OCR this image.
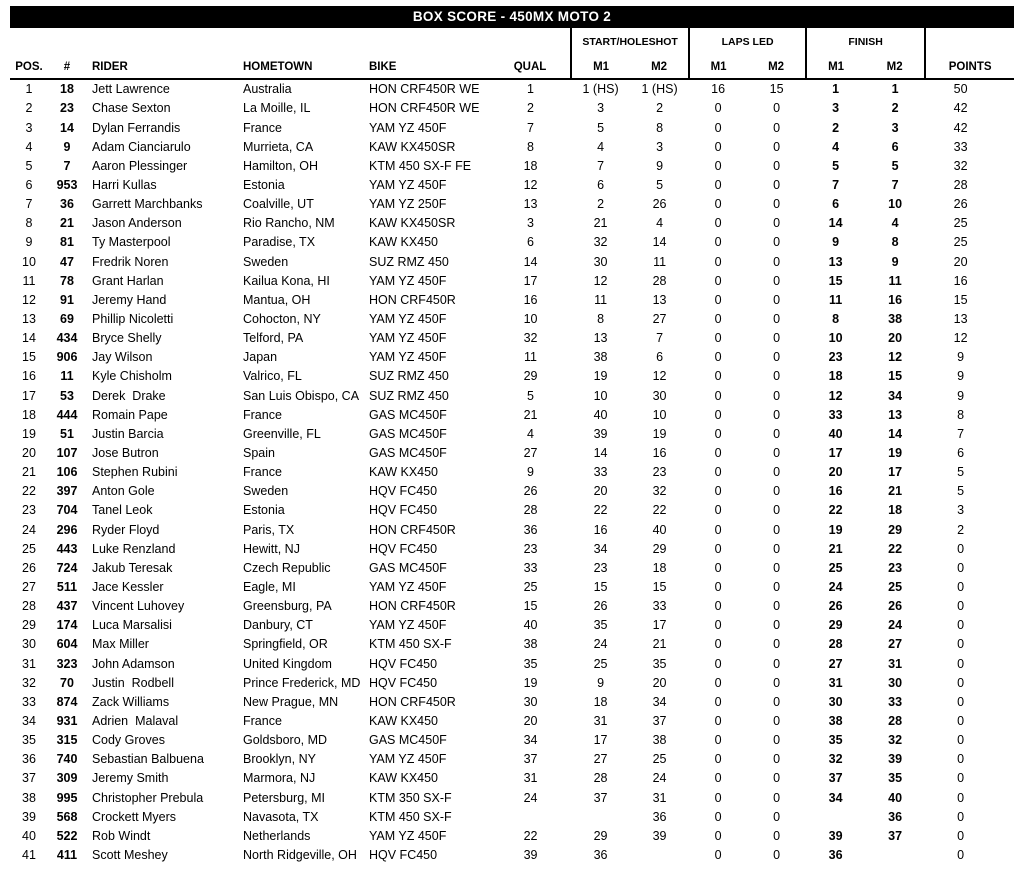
BOX SCORE - 450MX MOTO 2
						START/HOLESHOT		LAPS LED		FINISH		
POS.	#	RIDER	HOMETOWN	BIKE	QUAL	M1	M2	M1	M2	M1	M2	POINTS
1	18	Jett Lawrence	Australia	HON CRF450R WE	1	1 (HS)	1 (HS)	16	15	1	1	50
2	23	Chase Sexton	La Moille, IL	HON CRF450R WE	2	3	2	0	0	3	2	42
3	14	Dylan Ferrandis	France	YAM YZ 450F	7	5	8	0	0	2	3	42
4	9	Adam Cianciarulo	Murrieta, CA	KAW KX450SR	8	4	3	0	0	4	6	33
5	7	Aaron Plessinger	Hamilton, OH	KTM 450 SX-F FE	18	7	9	0	0	5	5	32
6	953	Harri Kullas	Estonia	YAM YZ 450F	12	6	5	0	0	7	7	28
7	36	Garrett Marchbanks	Coalville, UT	YAM YZ 250F	13	2	26	0	0	6	10	26
8	21	Jason Anderson	Rio Rancho, NM	KAW KX450SR	3	21	4	0	0	14	4	25
9	81	Ty Masterpool	Paradise, TX	KAW KX450	6	32	14	0	0	9	8	25
10	47	Fredrik Noren	Sweden	SUZ RMZ 450	14	30	11	0	0	13	9	20
11	78	Grant Harlan	Kailua Kona, HI	YAM YZ 450F	17	12	28	0	0	15	11	16
12	91	Jeremy Hand	Mantua, OH	HON CRF450R	16	11	13	0	0	11	16	15
13	69	Phillip Nicoletti	Cohocton, NY	YAM YZ 450F	10	8	27	0	0	8	38	13
14	434	Bryce Shelly	Telford, PA	YAM YZ 450F	32	13	7	0	0	10	20	12
15	906	Jay Wilson	Japan	YAM YZ 450F	11	38	6	0	0	23	12	9
16	11	Kyle Chisholm	Valrico, FL	SUZ RMZ 450	29	19	12	0	0	18	15	9
17	53	Derek  Drake	San Luis Obispo, CA	SUZ RMZ 450	5	10	30	0	0	12	34	9
18	444	Romain Pape	France	GAS MC450F	21	40	10	0	0	33	13	8
19	51	Justin Barcia	Greenville, FL	GAS MC450F	4	39	19	0	0	40	14	7
20	107	Jose Butron	Spain	GAS MC450F	27	14	16	0	0	17	19	6
21	106	Stephen Rubini	France	KAW KX450	9	33	23	0	0	20	17	5
22	397	Anton Gole	Sweden	HQV FC450	26	20	32	0	0	16	21	5
23	704	Tanel Leok	Estonia	HQV FC450	28	22	22	0	0	22	18	3
24	296	Ryder Floyd	Paris, TX	HON CRF450R	36	16	40	0	0	19	29	2
25	443	Luke Renzland	Hewitt, NJ	HQV FC450	23	34	29	0	0	21	22	0
26	724	Jakub Teresak	Czech Republic	GAS MC450F	33	23	18	0	0	25	23	0
27	511	Jace Kessler	Eagle, MI	YAM YZ 450F	25	15	15	0	0	24	25	0
28	437	Vincent Luhovey	Greensburg, PA	HON CRF450R	15	26	33	0	0	26	26	0
29	174	Luca Marsalisi	Danbury, CT	YAM YZ 450F	40	35	17	0	0	29	24	0
30	604	Max Miller	Springfield, OR	KTM 450 SX-F	38	24	21	0	0	28	27	0
31	323	John Adamson	United Kingdom	HQV FC450	35	25	35	0	0	27	31	0
32	70	Justin  Rodbell	Prince Frederick, MD	HQV FC450	19	9	20	0	0	31	30	0
33	874	Zack Williams	New Prague, MN	HON CRF450R	30	18	34	0	0	30	33	0
34	931	Adrien  Malaval	France	KAW KX450	20	31	37	0	0	38	28	0
35	315	Cody Groves	Goldsboro, MD	GAS MC450F	34	17	38	0	0	35	32	0
36	740	Sebastian Balbuena	Brooklyn, NY	YAM YZ 450F	37	27	25	0	0	32	39	0
37	309	Jeremy Smith	Marmora, NJ	KAW KX450	31	28	24	0	0	37	35	0
38	995	Christopher Prebula	Petersburg, MI	KTM 350 SX-F	24	37	31	0	0	34	40	0
39	568	Crockett Myers	Navasota, TX	KTM 450 SX-F			36	0	0		36	0
40	522	Rob Windt	Netherlands	YAM YZ 450F	22	29	39	0	0	39	37	0
41	411	Scott Meshey	North Ridgeville, OH	HQV FC450	39	36		0	0	36		0
